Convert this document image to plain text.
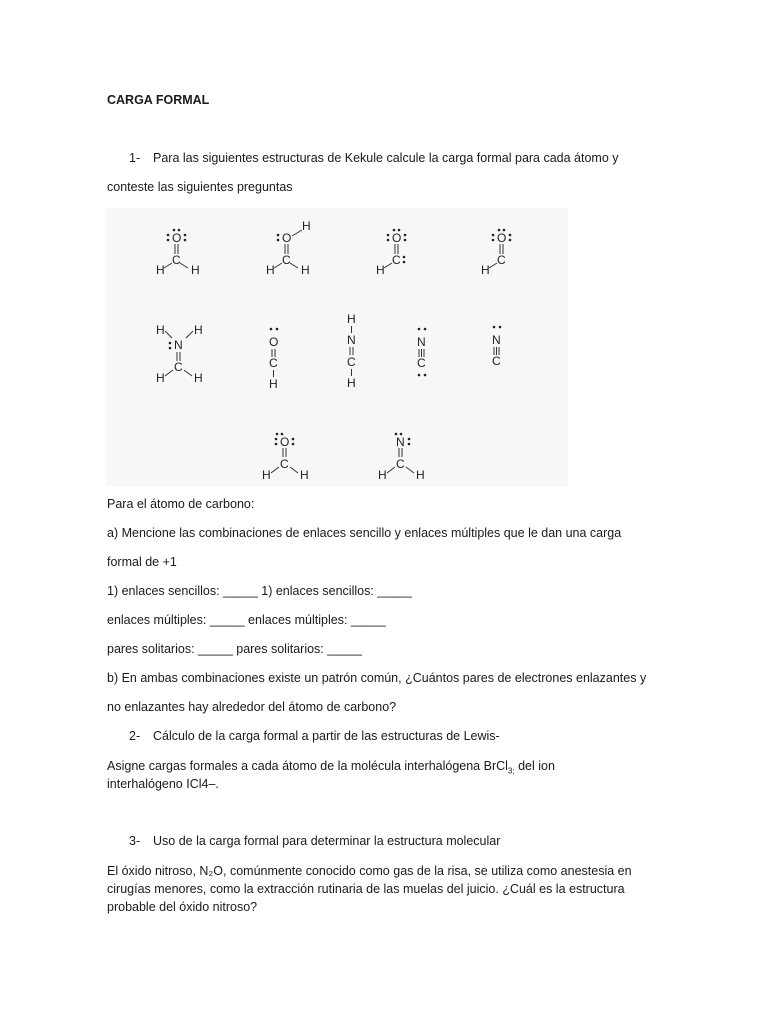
CARGA FORMAL
1- Para las siguientes estructuras de Kekule calcule la carga formal para cada átomo y
conteste las siguientes preguntas
O
C
H H
O
H
C
H H
O
C
H
O
C
H
H H
N
C
H H
O
C
H
H
N
C
H
N
C
N
C
O
C
H H
N
C
H H
Para el átomo de carbono:
a) Mencione las combinaciones de enlaces sencillo y enlaces múltiples que le dan una carga
formal de +1
1) enlaces sencillos: _____ 1) enlaces sencillos: _____
enlaces múltiples: _____ enlaces múltiples: _____
pares solitarios: _____ pares solitarios: _____
b) En ambas combinaciones existe un patrón común, ¿Cuántos pares de electrones enlazantes y
no enlazantes hay alrededor del átomo de carbono?
2- Cálculo de la carga formal a partir de las estructuras de Lewis-
Asigne cargas formales a cada átomo de la molécula interhalógena BrCl$_{3;}$ del ion
interhalógeno ICl4–.
3- Uso de la carga formal para determinar la estructura molecular
El óxido nitroso, N₂O, comúnmente conocido como gas de la risa, se utiliza como anestesia en
cirugías menores, como la extracción rutinaria de las muelas del juicio. ¿Cuál es la estructura
probable del óxido nitroso?
